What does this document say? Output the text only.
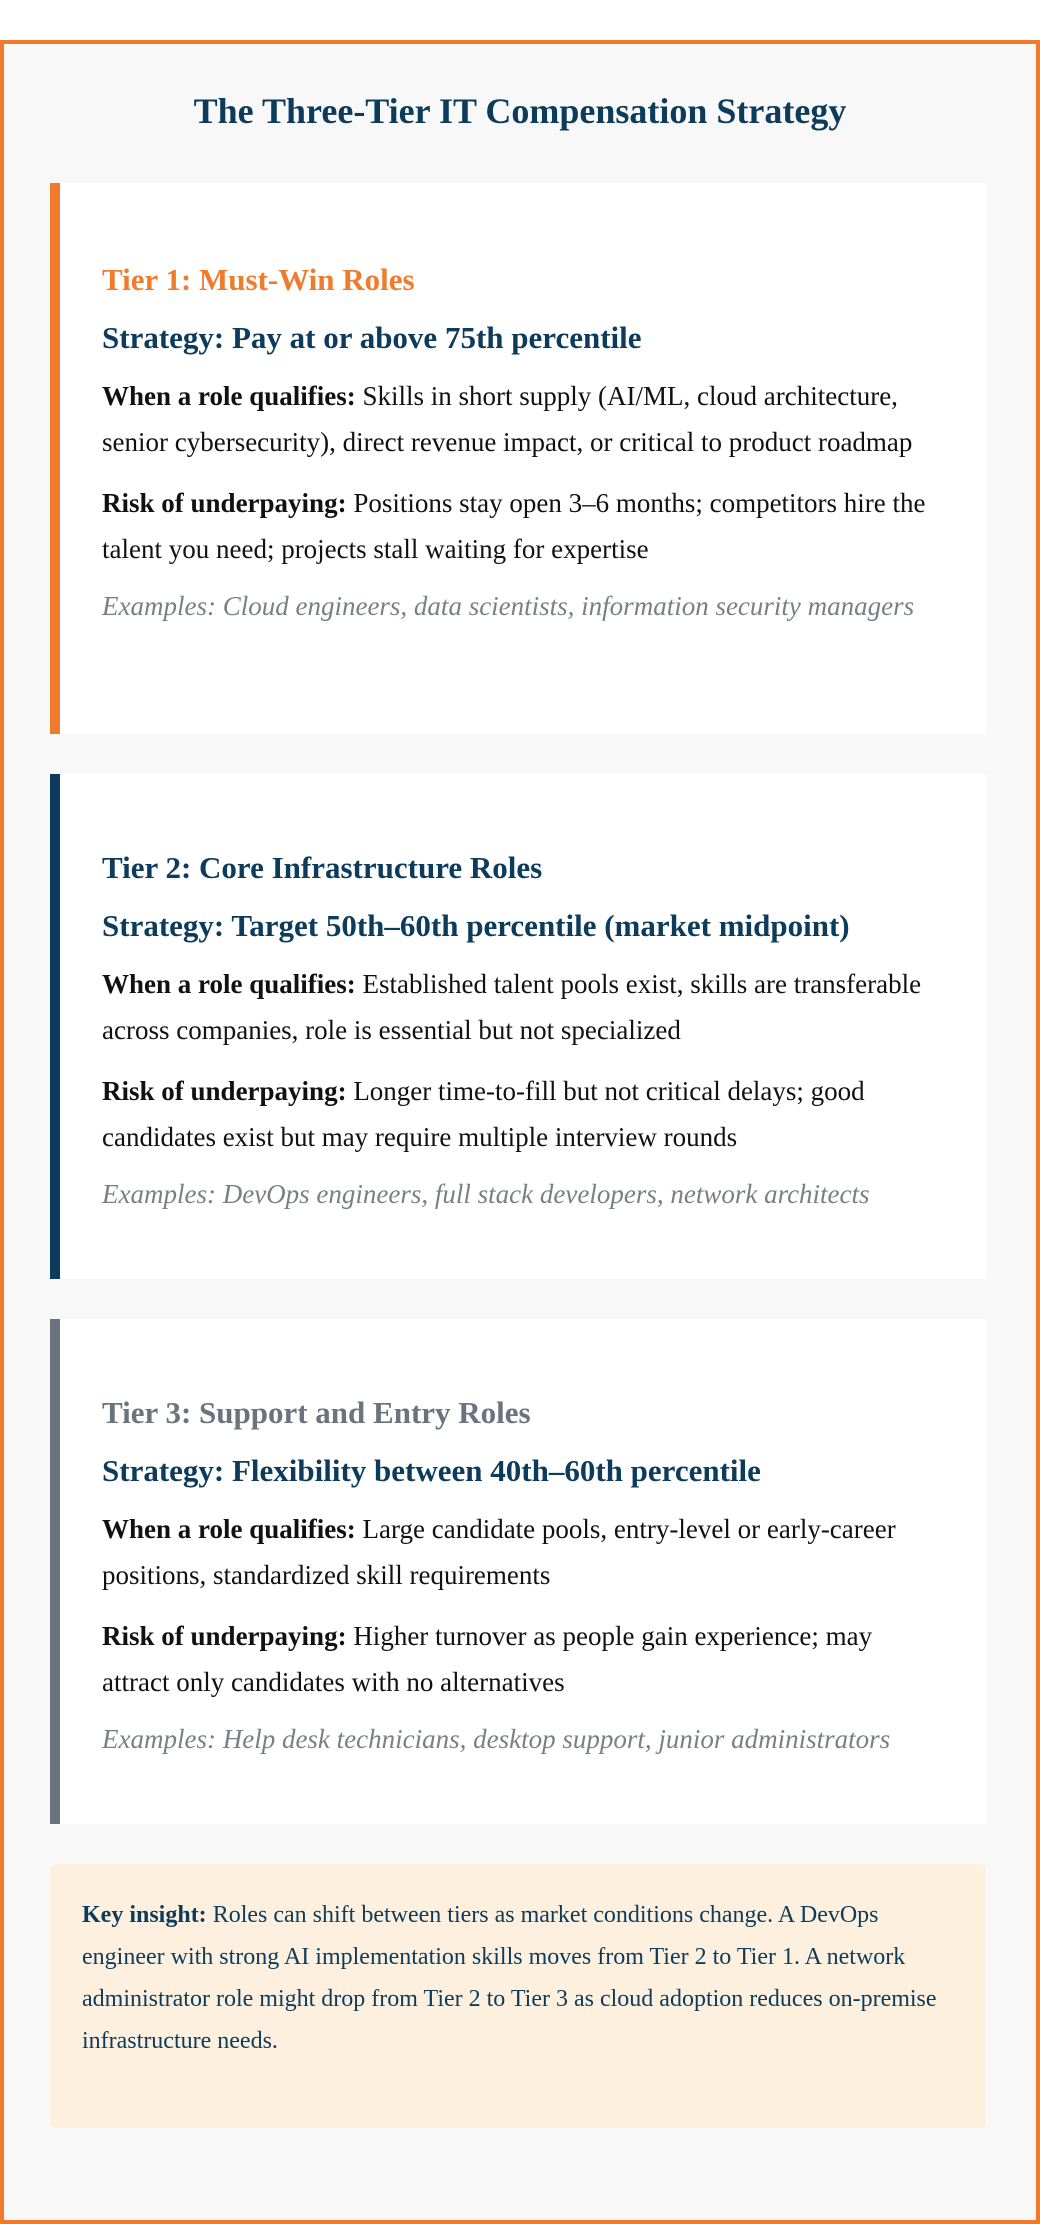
The Three-Tier IT Compensation Strategy
Tier 1: Must-Win Roles
Strategy: Pay at or above 75th percentile

When a role qualifies: Skills in short supply (AI/ML, cloud architecture, senior cybersecurity), direct revenue impact, or critical to product roadmap

Risk of underpaying: Positions stay open 3–6 months; competitors hire the talent you need; projects stall waiting for expertise

Examples: Cloud engineers, data scientists, information security managers

Tier 2: Core Infrastructure Roles
Strategy: Target 50th–60th percentile (market midpoint)

When a role qualifies: Established talent pools exist, skills are transferable across companies, role is essential but not specialized

Risk of underpaying: Longer time-to-fill but not critical delays; good candidates exist but may require multiple interview rounds

Examples: DevOps engineers, full stack developers, network architects

Tier 3: Support and Entry Roles
Strategy: Flexibility between 40th–60th percentile

When a role qualifies: Large candidate pools, entry-level or early-career positions, standardized skill requirements

Risk of underpaying: Higher turnover as people gain experience; may attract only candidates with no alternatives

Examples: Help desk technicians, desktop support, junior administrators

Key insight: Roles can shift between tiers as market conditions change. A DevOps engineer with strong AI implementation skills moves from Tier 2 to Tier 1. A network administrator role might drop from Tier 2 to Tier 3 as cloud adoption reduces on-premise infrastructure needs.
